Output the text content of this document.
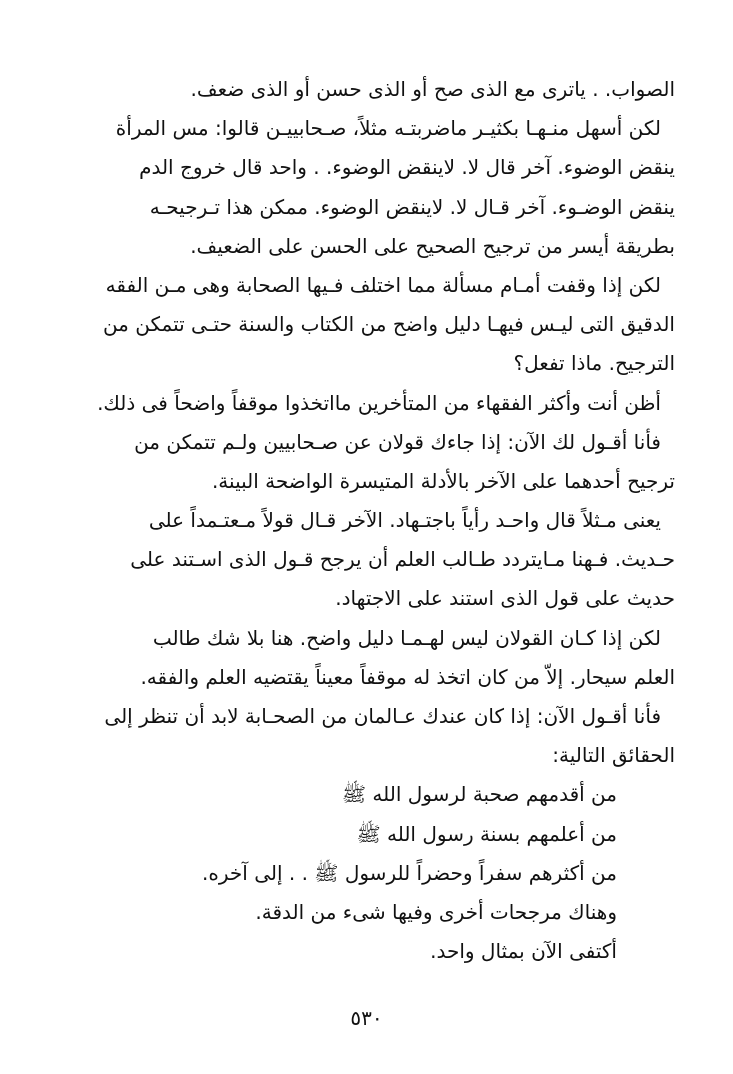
الصواب. . ياترى مع الذى صح أو الذى حسن أو الذى ضعف.
لكن أسهل منـهـا بكثيـر ماضربتـه مثلاً، صـحابييـن قالوا: مس المرأة
ينقض الوضوء. آخر قال لا. لاينقض الوضوء. . واحد قال خروج الدم
ينقض الوضـوء. آخر قـال لا. لاينقض الوضوء. ممكن هذا تـرجيحـه
بطريقة أيسر من ترجيح الصحيح على الحسن على الضعيف.
لكن إذا وقفت أمـام مسألة مما اختلف فـيها الصحابة وهى مـن الفقه
الدقيق التى ليـس فيهـا دليل واضح من الكتاب والسنة حتـى تتمكن من
الترجيح. ماذا تفعل؟
أظن أنت وأكثر الفقهاء من المتأخرين مااتخذوا موقفاً واضحاً فى ذلك.
فأنا أقـول لك الآن: إذا جاءك قولان عن صـحابيين ولـم تتمكن من
ترجيح أحدهما على الآخر بالأدلة المتيسرة الواضحة البينة.
يعنى مـثلاً قال واحـد رأياً باجتـهاد. الآخر قـال قولاً مـعتـمداً على
حـديث. فـهنا مـايتردد طـالب العلم أن يرجح قـول الذى اسـتند على
حديث على قول الذى استند على الاجتهاد.
لكن إذا كـان القولان ليس لهـمـا دليل واضح. هنا بلا شك طالب
العلم سيحار. إلاّ من كان اتخذ له موقفاً معيناً يقتضيه العلم والفقه.
فأنا أقـول الآن: إذا كان عندك عـالمان من الصحـابة لابد أن تنظر إلى
الحقائق التالية:
من أقدمهم صحبة لرسول الله ﷺ
من أعلمهم بسنة رسول الله ﷺ
من أكثرهم سفراً وحضراً للرسول ﷺ . . إلى آخره.
وهناك مرجحات أخرى وفيها شىء من الدقة.
أكتفى الآن بمثال واحد.
٥٣٠
